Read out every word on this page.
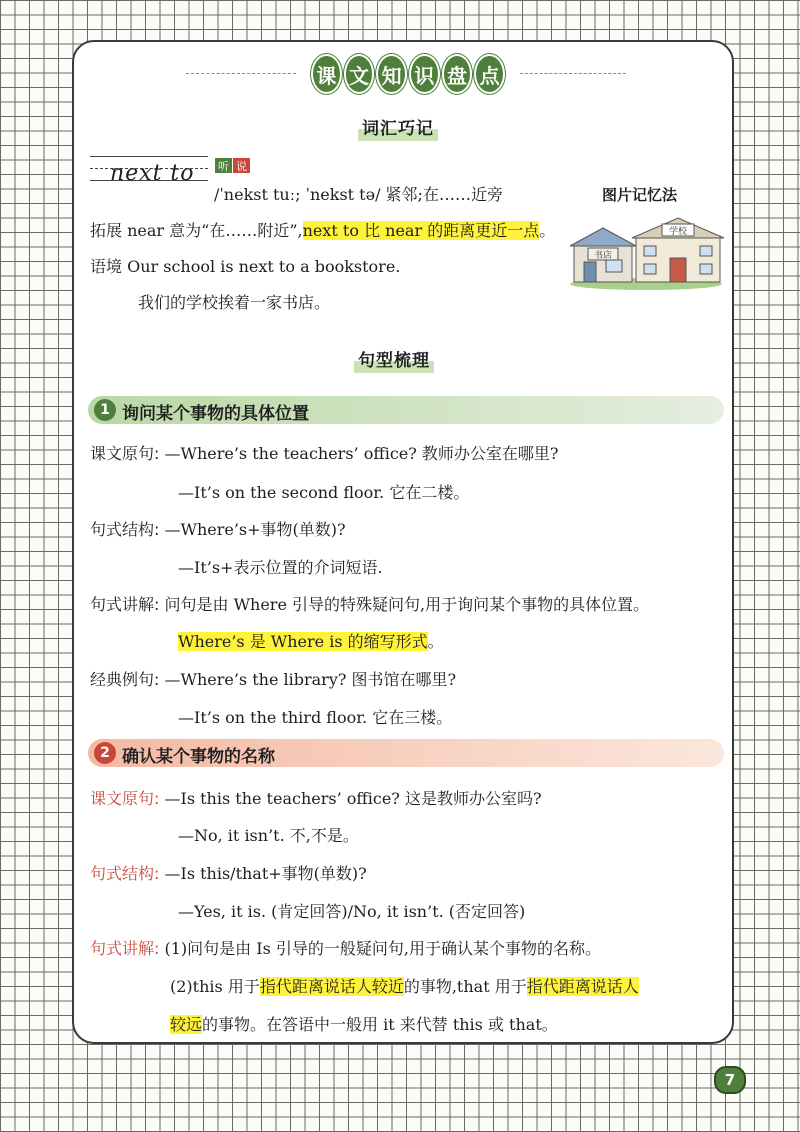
课 文 知 识 盘 点
词汇巧记
next to 听 说
/ˈnekst tuː; ˈnekst tə/ 紧邻;在……近旁	图片记忆法
书店
学校
拓展 near 意为“在……附近”,next to 比 near 的距离更近一点。
语境 Our school is next to a bookstore.
我们的学校挨着一家书店。
句型梳理
1 询问某个事物的具体位置
课文原句: —Where’s the teachers’ office? 教师办公室在哪里?
—It’s on the second floor. 它在二楼。
句式结构: —Where’s+事物(单数)?
—It’s+表示位置的介词短语.
句式讲解: 问句是由 Where 引导的特殊疑问句,用于询问某个事物的具体位置。
Where’s 是 Where is 的缩写形式。
经典例句: —Where’s the library? 图书馆在哪里?
—It’s on the third floor. 它在三楼。
2 确认某个事物的名称
课文原句: —Is this the teachers’ office? 这是教师办公室吗?
—No, it isn’t. 不,不是。
句式结构: —Is this/that+事物(单数)?
—Yes, it is. (肯定回答)/No, it isn’t. (否定回答)
句式讲解: (1)问句是由 Is 引导的一般疑问句,用于确认某个事物的名称。
(2)this 用于指代距离说话人较近的事物,that 用于指代距离说话人
较远的事物。在答语中一般用 it 来代替 this 或 that。
7
